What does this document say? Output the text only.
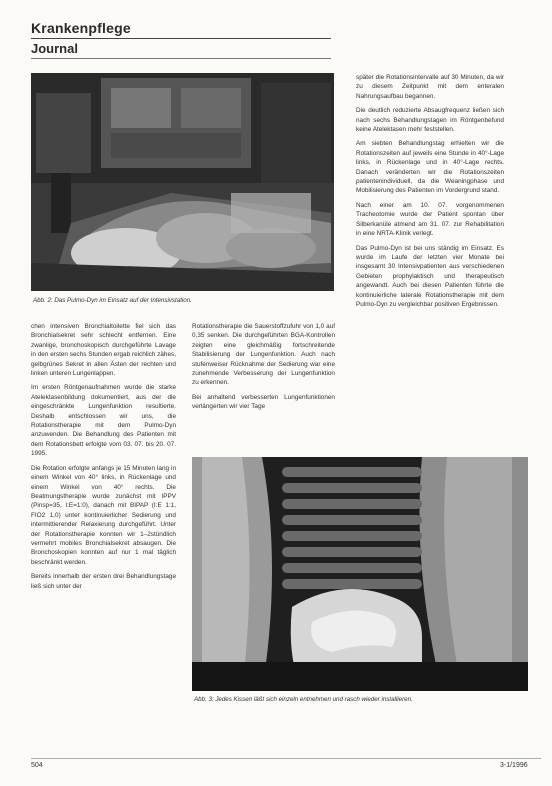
Krankenpflege
Journal
Abb. 2: Das Pulmo-Dyn im Einsatz auf der Intensivstation.

chen intensiven Bronchialtoilette fiel sich das Bronchialsekret sehr schlecht entfernen. Eine zwanlige, bronchoskopisch durchgeführte Lavage in den ersten sechs Stunden ergab reichlich zähes, gelbgrünes Sekret in allen Ästen der rechten und linken unteren Lungenlappen.

Im ersten Röntgenaufnahmen wurde die starke Atelektasenbildung dokumentiert, aus der die eingeschränkte Lungenfunktion resultierte. Deshalb entschlossen wir uns, die Rotationstherapie mit dem Pulmo-Dyn anzuwenden. Die Behandlung des Patienten mit dem Rotationsbett erfolgte vom 03. 07. bis 20. 07. 1995.

Die Rotation erfolgte anfangs je 15 Minuten lang in einem Winkel von 40° links, in Rückenlage und einem Winkel von 40° rechts. Die Beatmungstherapie wurde zunächst mit IPPV (Pinsp=35, I:E=1:0), danach mit BIPAP (I:E 1:1, FIO2 1,0) unter kontinuierlicher Sedierung und intermittierender Relaxierung durchgeführt. Unter der Rotationstherapie konnten wir 1–2stündlich vermehrt mobiles Bronchialsekret absaugen. Die Bronchoskopien konnten auf nur 1 mal täglich beschränkt werden.

Bereits innerhalb der ersten drei Behandlungstage ließ sich unter der

Rotationstherapie die Sauerstoffzufuhr von 1,0 auf 0,35 senken. Die durchgeführten BGA-Kontrollen zeigten eine gleichmäßig fortschreitende Stabilisierung der Lungenfunktion. Auch nach stufenweiser Rücknahme der Sedierung war eine zunehmende Verbesserung der Lungenfunktion zu erkennen.

Bei anhaltend verbesserten Lungenfunktionen verlängerten wir vier Tage

später die Rotationsintervalle auf 30 Minuten, da wir zu diesem Zeitpunkt mit dem enteralen Nahrungsaufbau begannen.

Die deutlich reduzierte Absaugfrequenz ließen sich nach sechs Behandlungstagen im Röntgenbefund keine Atelektasen mehr feststellen.

Am siebten Behandlungstag erhielten wir die Rotationszeiten auf jeweils eine Stunde in 40°-Lage links, in Rückenlage und in 40°-Lage rechts. Danach veränderten wir die Rotationszeiten patientenindividuell, da die Weaningphase und Mobilisierung des Patienten im Vordergrund stand.

Nach einer am 10. 07. vorgenommenen Tracheotomie wurde der Patient spontan über Silberkanüle atmend am 31. 07. zur Rehabilitation in eine NRTA-Klinik verlegt.

Das Pulmo-Dyn ist bei uns ständig im Einsatz. Es wurde im Laufe der letzten vier Monate bei insgesamt 30 Intensivpatienten aus verschiedenen Gebieten prophylaktisch und therapeutisch angewandt. Auch bei diesen Patienten führte die kontinuierliche laterale Rotationstherapie mit dem Pulmo-Dyn zu vergleichbar positiven Ergebnissen.

Abb. 3: Jedes Kissen läßt sich einzeln entnehmen und rasch wieder installieren.
504	3-1/1996
